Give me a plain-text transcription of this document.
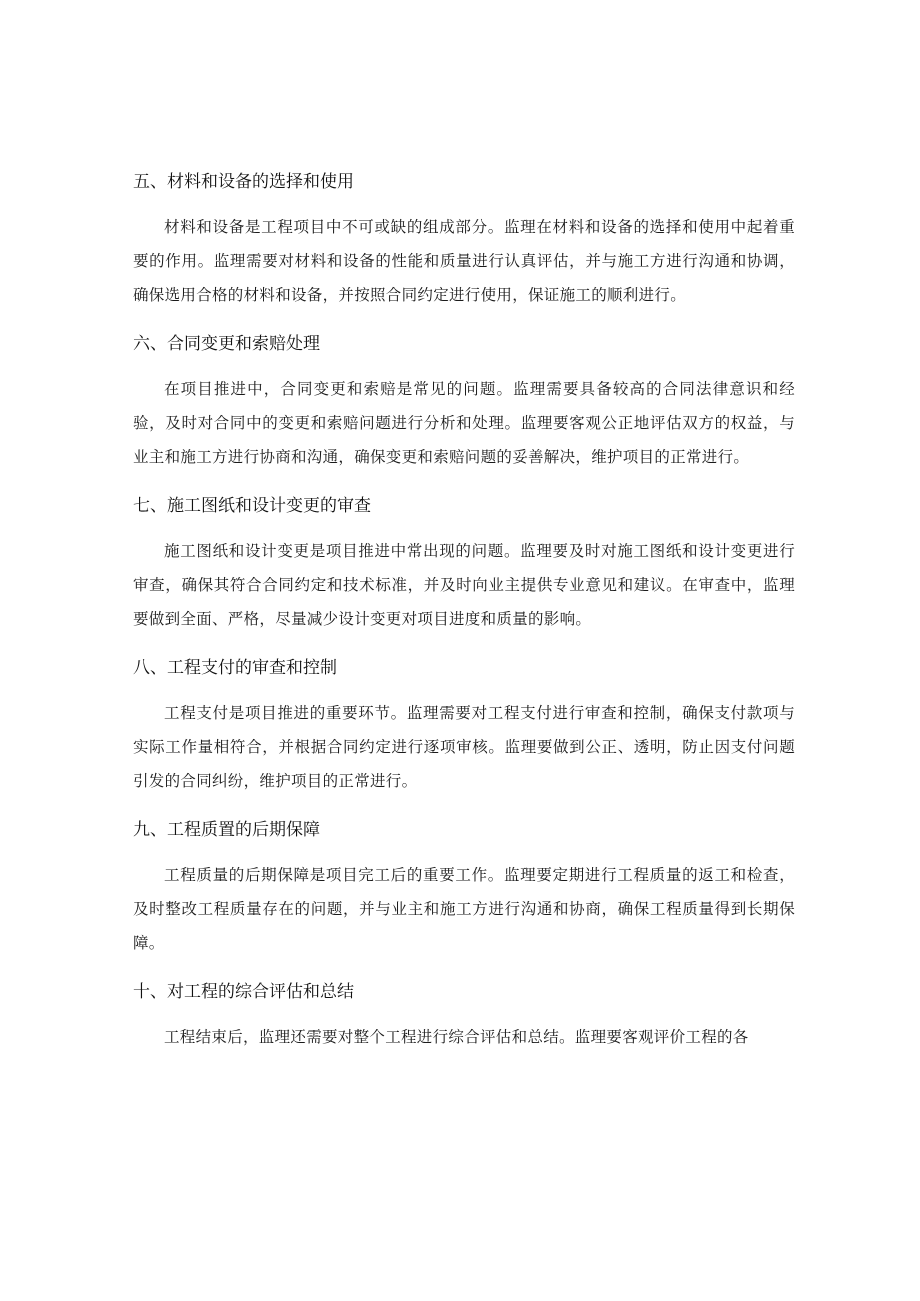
五、材料和设备的选择和使用

材料和设备是工程项目中不可或缺的组成部分。监理在材料和设备的选择和使用中起着重要的作用。监理需要对材料和设备的性能和质量进行认真评估，并与施工方进行沟通和协调，确保选用合格的材料和设备，并按照合同约定进行使用，保证施工的顺利进行。

六、合同变更和索赔处理

在项目推进中，合同变更和索赔是常见的问题。监理需要具备较高的合同法律意识和经验，及时对合同中的变更和索赔问题进行分析和处理。监理要客观公正地评估双方的权益，与业主和施工方进行协商和沟通，确保变更和索赔问题的妥善解决，维护项目的正常进行。

七、施工图纸和设计变更的审查

施工图纸和设计变更是项目推进中常出现的问题。监理要及时对施工图纸和设计变更进行审查，确保其符合合同约定和技术标准，并及时向业主提供专业意见和建议。在审查中，监理要做到全面、严格，尽量减少设计变更对项目进度和质量的影响。

八、工程支付的审查和控制

工程支付是项目推进的重要环节。监理需要对工程支付进行审查和控制，确保支付款项与实际工作量相符合，并根据合同约定进行逐项审核。监理要做到公正、透明，防止因支付问题引发的合同纠纷，维护项目的正常进行。

九、工程质置的后期保障

工程质量的后期保障是项目完工后的重要工作。监理要定期进行工程质量的返工和检查，及时整改工程质量存在的问题，并与业主和施工方进行沟通和协商，确保工程质量得到长期保障。

十、对工程的综合评估和总结

工程结束后，监理还需要对整个工程进行综合评估和总结。监理要客观评价工程的各
